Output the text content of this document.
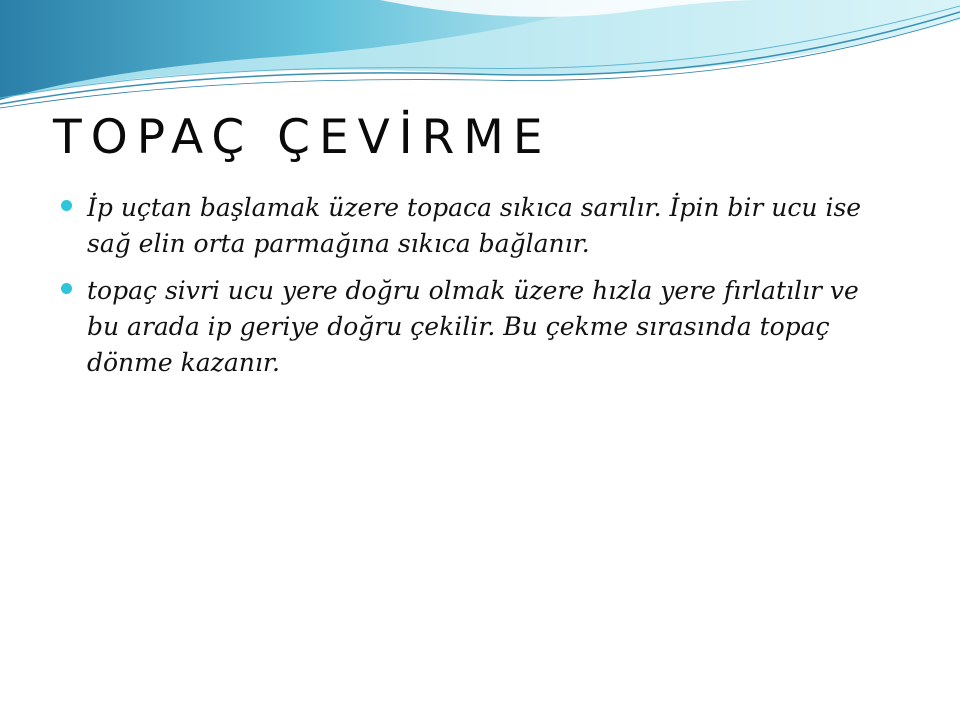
TOPAÇ ÇEVİRME
İp uçtan başlamak üzere topaca sıkıca sarılır. İpin bir ucu ise sağ elin orta parmağına sıkıca bağlanır.
topaç sivri ucu yere doğru olmak üzere hızla yere fırlatılır ve bu arada ip geriye doğru çekilir. Bu çekme sırasında topaç dönme kazanır.
